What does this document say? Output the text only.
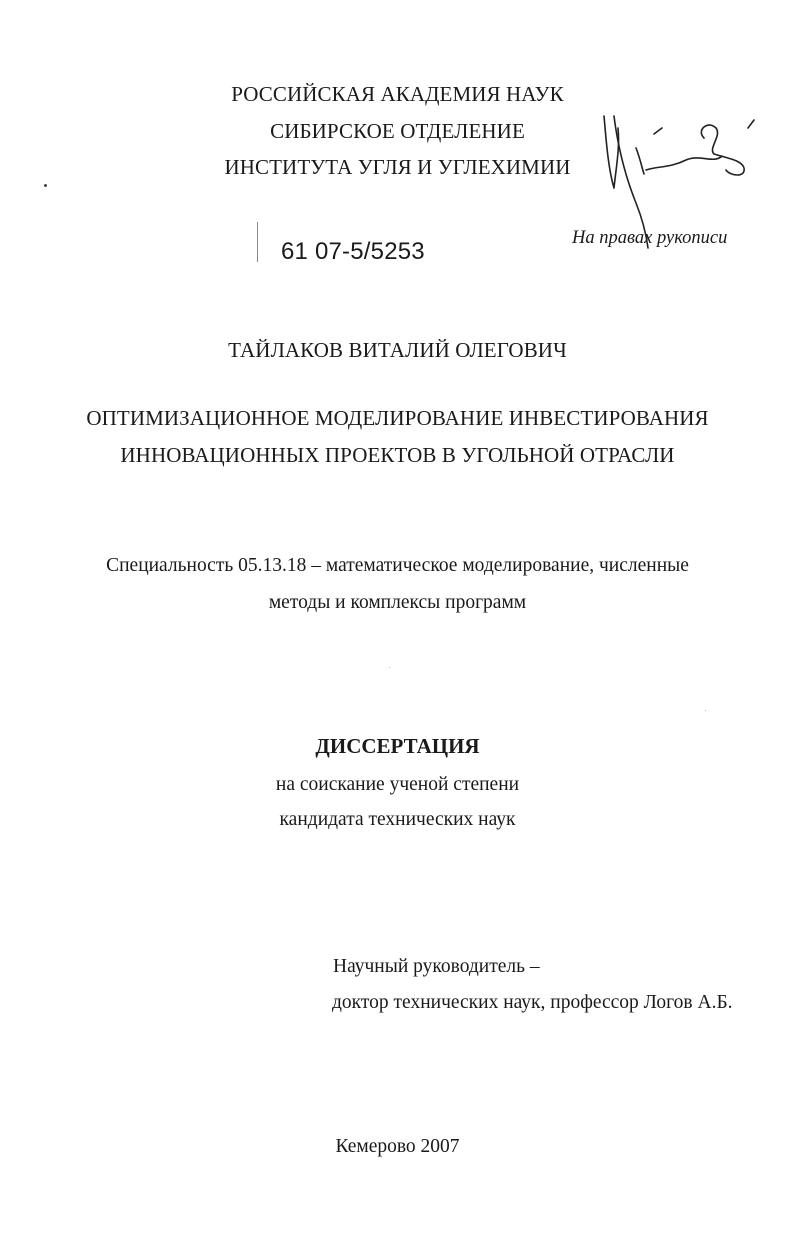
РОССИЙСКАЯ АКАДЕМИЯ НАУК
СИБИРСКОЕ ОТДЕЛЕНИЕ
ИНСТИТУТА УГЛЯ И УГЛЕХИМИИ
61 07-5/5253	На правах рукописи
ТАЙЛАКОВ ВИТАЛИЙ ОЛЕГОВИЧ
ОПТИМИЗАЦИОННОЕ МОДЕЛИРОВАНИЕ ИНВЕСТИРОВАНИЯ
ИННОВАЦИОННЫХ ПРОЕКТОВ В УГОЛЬНОЙ ОТРАСЛИ
Специальность 05.13.18 – математическое моделирование, численные
методы и комплексы программ
ДИССЕРТАЦИЯ
на соискание ученой степени
кандидата технических наук
Научный руководитель –
доктор технических наук, профессор Логов А.Б.
Кемерово 2007
